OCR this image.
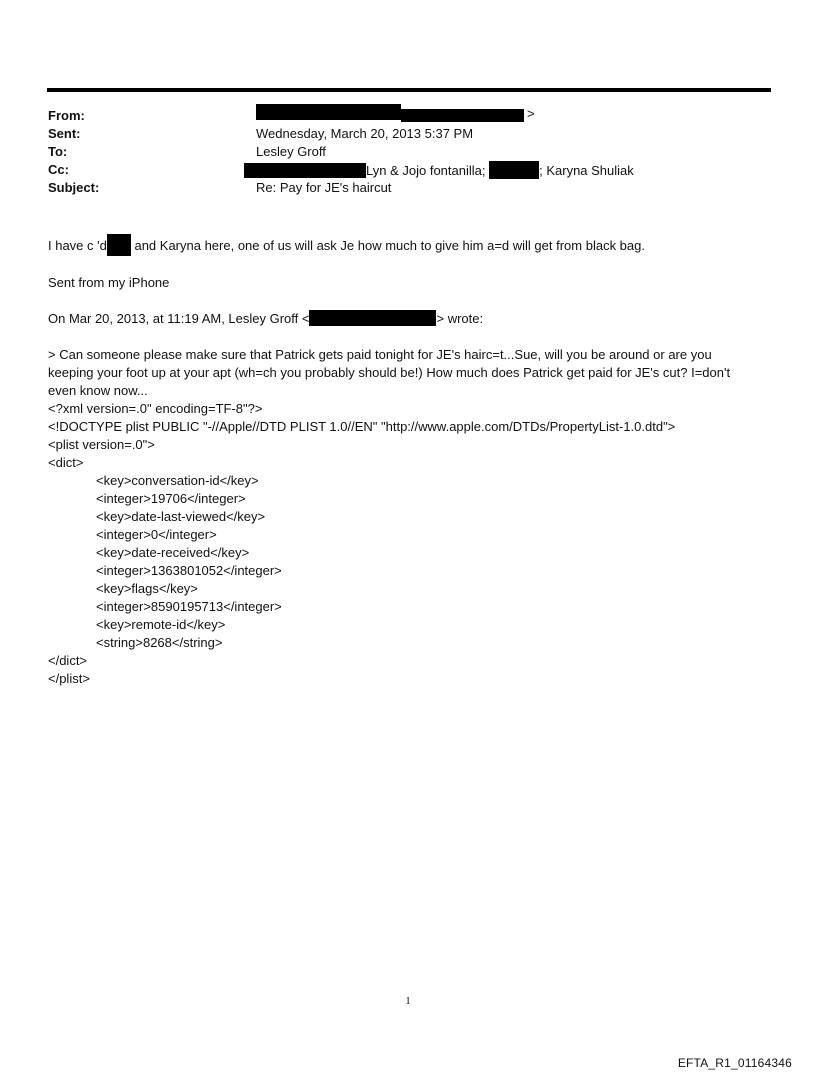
From:	>
Sent:	Wednesday, March 20, 2013 5:37 PM
To:	Lesley Groff
Cc:	Lyn & Jojo fontanilla;	; Karyna Shuliak
Subject:	Re: Pay for JE's haircut

I have c 'd and Karyna here, one of us will ask Je how much to give him a=d will get from black bag.

Sent from my iPhone

On Mar 20, 2013, at 11:19 AM, Lesley Groff <	> wrote:

> Can someone please make sure that Patrick gets paid tonight for JE's hairc=t...Sue, will you be around or are you

keeping your foot up at your apt (wh=ch you probably should be!) How much does Patrick get paid for JE's cut? I=don't

even know now...

<?xml version=.0" encoding=TF-8"?>

<!DOCTYPE plist PUBLIC "-//Apple//DTD PLIST 1.0//EN" "http://www.apple.com/DTDs/PropertyList-1.0.dtd">

<plist version=.0">

<dict>

<key>conversation-id</key>

<integer>19706</integer>

<key>date-last-viewed</key>

<integer>0</integer>

<key>date-received</key>

<integer>1363801052</integer>

<key>flags</key>

<integer>8590195713</integer>

<key>remote-id</key>

<string>8268</string>

</dict>

</plist>

1
EFTA_R1_01164346
